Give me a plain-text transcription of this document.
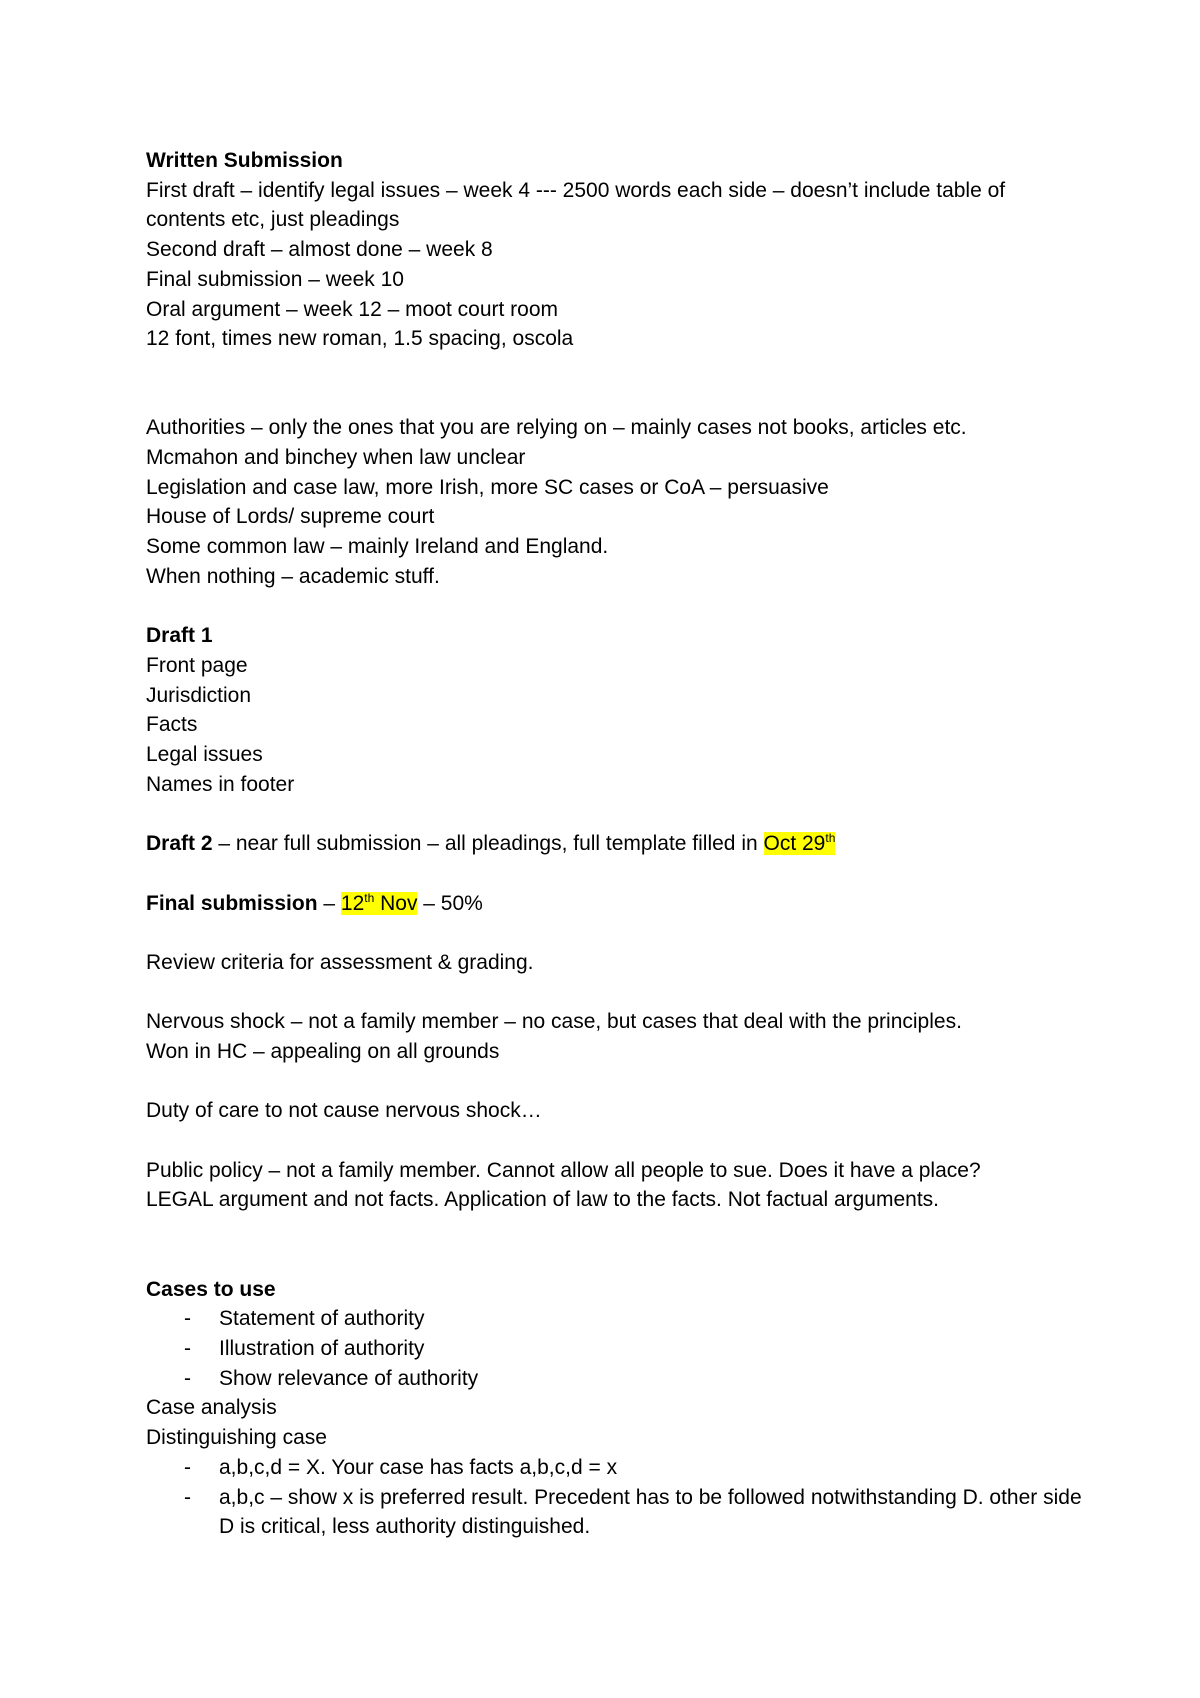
Written Submission
First draft – identify legal issues – week 4 --- 2500 words each side – doesn’t include table of contents etc, just pleadings
Second draft – almost done – week 8
Final submission – week 10
Oral argument – week 12 – moot court room
12 font, times new roman, 1.5 spacing, oscola
Authorities – only the ones that you are relying on – mainly cases not books, articles etc.
Mcmahon and binchey when law unclear
Legislation and case law, more Irish, more SC cases or CoA – persuasive
House of Lords/ supreme court
Some common law – mainly Ireland and England.
When nothing – academic stuff.
Draft 1
Front page
Jurisdiction
Facts
Legal issues
Names in footer
Draft 2 – near full submission – all pleadings, full template filled in Oct 29th
Final submission – 12th Nov – 50%
Review criteria for assessment & grading.
Nervous shock – not a family member – no case, but cases that deal with the principles.
Won in HC – appealing on all grounds
Duty of care to not cause nervous shock…
Public policy – not a family member. Cannot allow all people to sue. Does it have a place?
LEGAL argument and not facts. Application of law to the facts. Not factual arguments.
Cases to use
- Statement of authority
- Illustration of authority
- Show relevance of authority
Case analysis
Distinguishing case
- a,b,c,d = X. Your case has facts a,b,c,d = x
- a,b,c – show x is preferred result. Precedent has to be followed notwithstanding D. other side D is critical, less authority distinguished.
